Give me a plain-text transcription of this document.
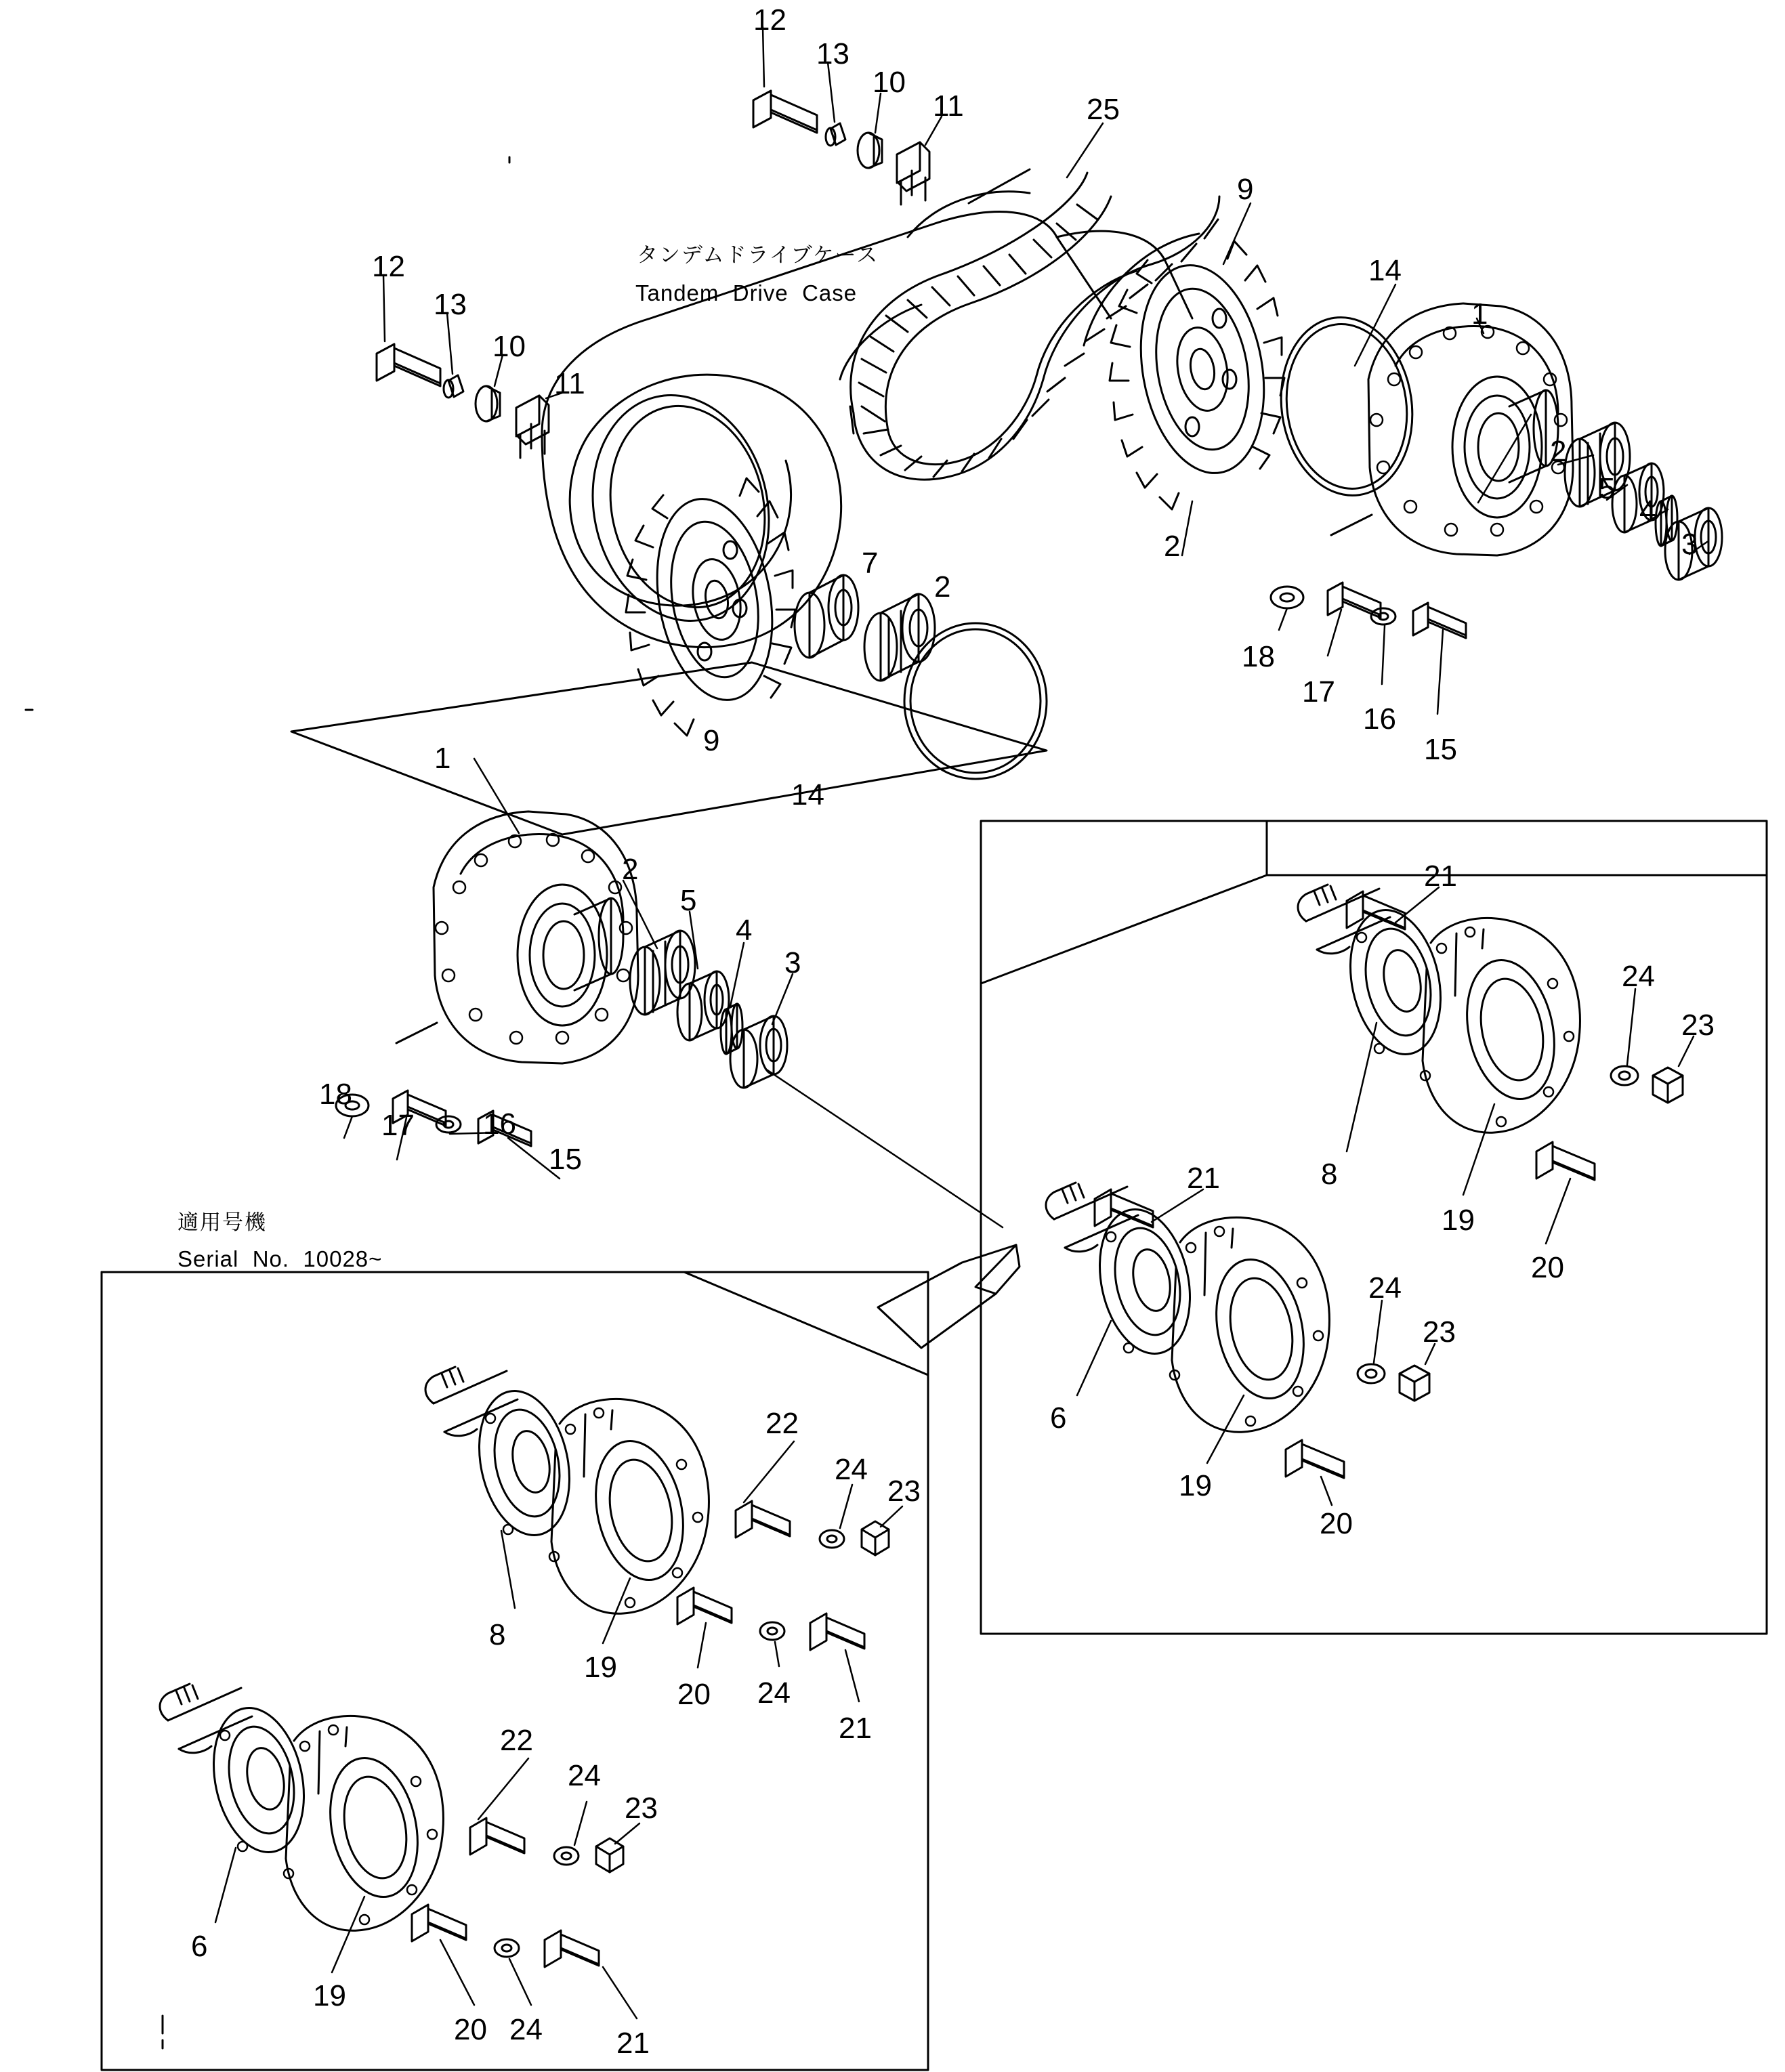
タンデムドライブケース
Tandem  Drive  Case
適用号機
Serial  No.  10028~
12
13
10
11	25
9
14
1
12
13
10
11
2
5
4
3
2
7
2
18
17
16
15
9
14
1
2
5
4
3
18
17 16
15
21
24
23
8
19
20
21
24
23
6
19
20
22
24
23
8
19
20 24
21
22
24
23
6
19
20 24 21
